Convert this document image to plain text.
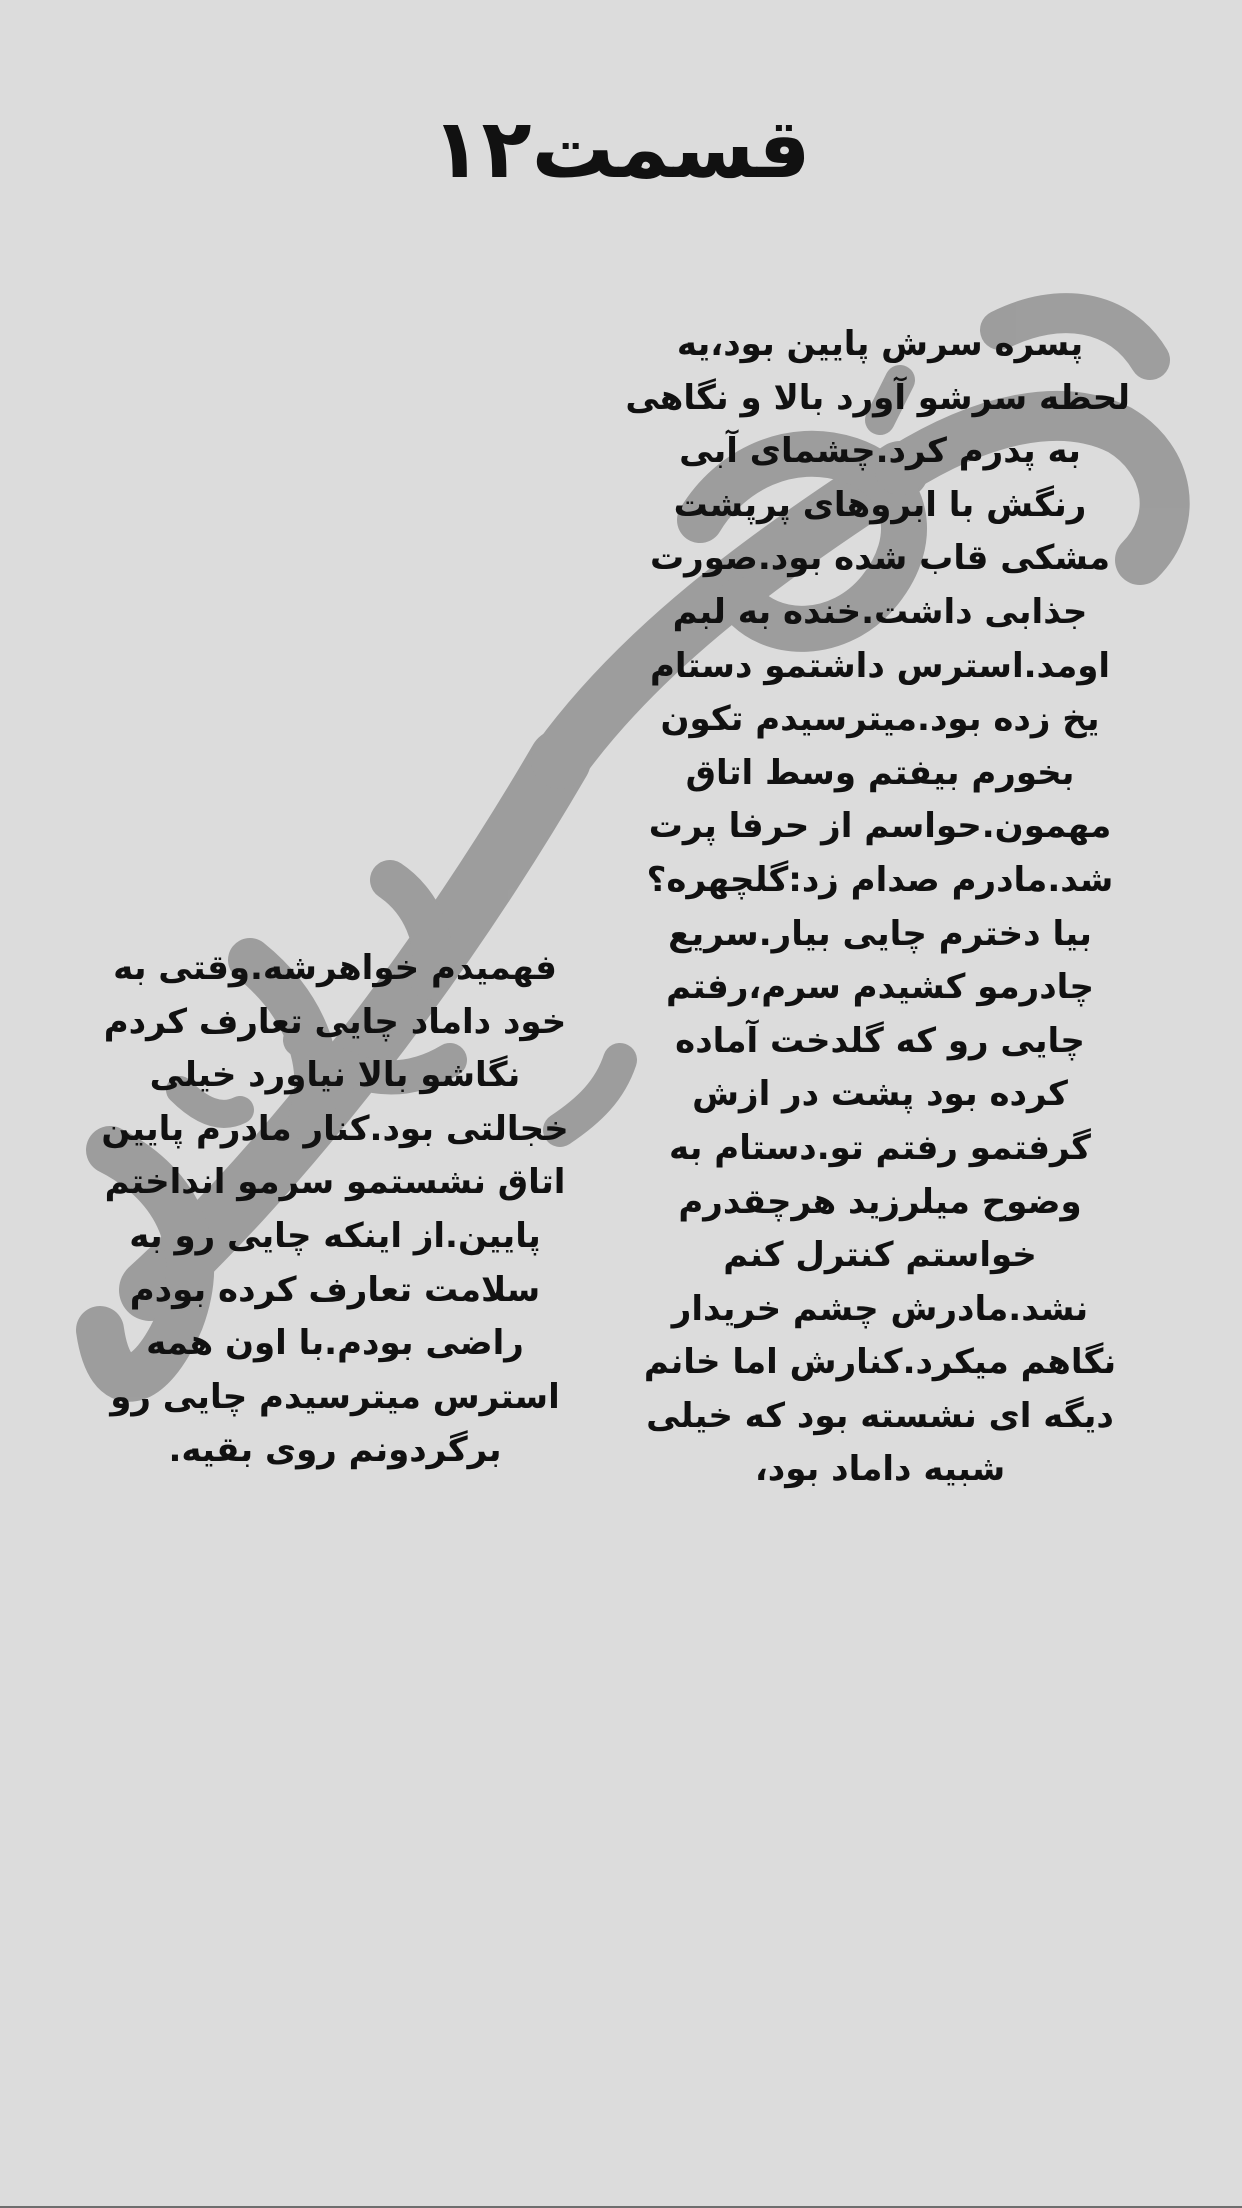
قسمت۱۲
پسره سرش پایین بود،یه
لحظه سرشو آورد بالا و نگاهی
به پدرم کرد.چشمای آبی
رنگش با ابروهای پرپشت
مشکی قاب شده بود.صورت
جذابی داشت.خنده به لبم
اومد.استرس داشتمو دستام
یخ زده بود.میترسیدم تکون
بخورم بیفتم وسط اتاق
مهمون.حواسم از حرفا پرت
شد.مادرم صدام زد:گلچهره؟
بیا دخترم چایی بیار.سریع
چادرمو کشیدم سرم،رفتم
چایی رو که گلدخت آماده
کرده بود پشت در ازش
گرفتمو رفتم تو.دستام به
وضوح میلرزید هرچقدرم
خواستم کنترل کنم
نشد.مادرش چشم خریدار
نگاهم میکرد.کنارش اما خانم
دیگه ای نشسته بود که خیلی
شبیه داماد بود،
فهمیدم خواهرشه.وقتی به
خود داماد چایی تعارف کردم
نگاشو بالا نیاورد خیلی
خجالتی بود.کنار مادرم پایین
اتاق نشستمو سرمو انداختم
پایین.از اینکه چایی رو به
سلامت تعارف کرده بودم
راضی بودم.با اون همه
استرس میترسیدم چایی رو
برگردونم روی بقیه.
